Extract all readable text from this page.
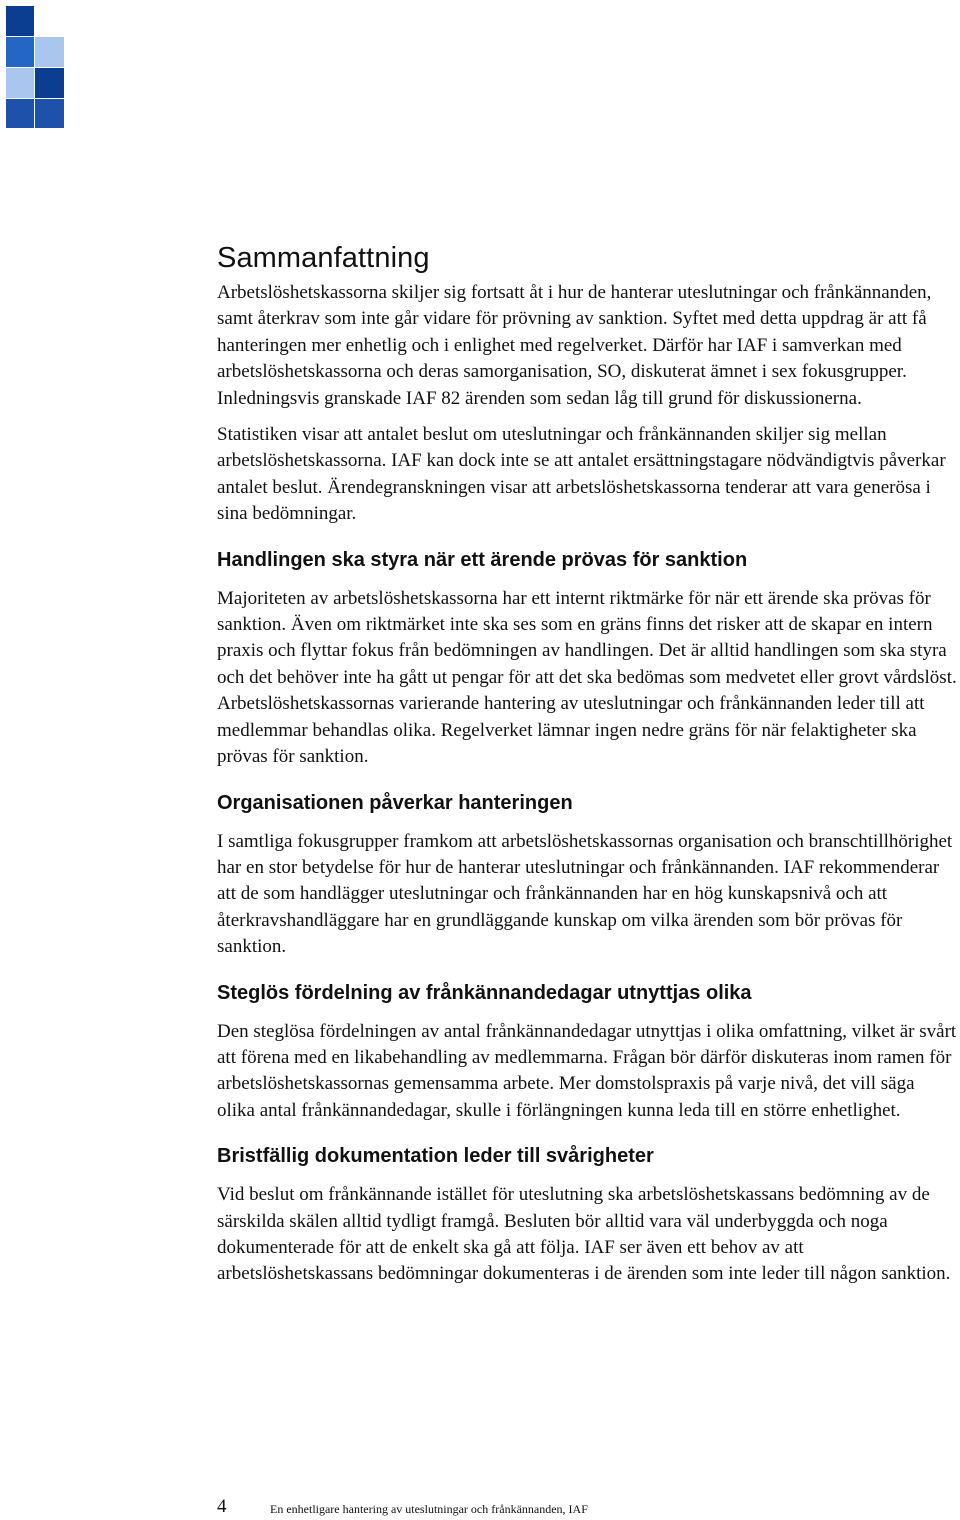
Sammanfattning

Arbetslöshetskassorna skiljer sig fortsatt åt i hur de hanterar uteslutningar och frånkännanden, samt återkrav som inte går vidare för prövning av sanktion. Syftet med detta uppdrag är att få hanteringen mer enhetlig och i enlighet med regelverket. Därför har IAF i samverkan med arbetslöshetskassorna och deras samorganisation, SO, diskuterat ämnet i sex fokusgrupper. Inledningsvis granskade IAF 82 ärenden som sedan låg till grund för diskussionerna.

Statistiken visar att antalet beslut om uteslutningar och frånkännanden skiljer sig mellan arbetslöshetskassorna. IAF kan dock inte se att antalet ersättningstagare nödvändigtvis påverkar antalet beslut. Ärendegranskningen visar att arbetslöshetskassorna tenderar att vara generösa i sina bedömningar.

Handlingen ska styra när ett ärende prövas för sanktion

Majoriteten av arbetslöshetskassorna har ett internt riktmärke för när ett ärende ska prövas för sanktion. Även om riktmärket inte ska ses som en gräns finns det risker att de skapar en intern praxis och flyttar fokus från bedömningen av handlingen. Det är alltid handlingen som ska styra och det behöver inte ha gått ut pengar för att det ska bedömas som medvetet eller grovt vårdslöst. Arbetslöshetskassornas varierande hantering av uteslutningar och frånkännanden leder till att medlemmar behandlas olika. Regelverket lämnar ingen nedre gräns för när felaktigheter ska prövas för sanktion.

Organisationen påverkar hanteringen

I samtliga fokusgrupper framkom att arbetslöshetskassornas organisation och branschtillhörighet har en stor betydelse för hur de hanterar uteslutningar och frånkännanden. IAF rekommenderar att de som handlägger uteslutningar och frånkännanden har en hög kunskapsnivå och att återkravshandläggare har en grundläggande kunskap om vilka ärenden som bör prövas för sanktion.

Steglös fördelning av frånkännandedagar utnyttjas olika

Den steglösa fördelningen av antal frånkännandedagar utnyttjas i olika omfattning, vilket är svårt att förena med en likabehandling av medlemmarna. Frågan bör därför diskuteras inom ramen för arbetslöshetskassornas gemensamma arbete. Mer domstolspraxis på varje nivå, det vill säga olika antal frånkännandedagar, skulle i förlängningen kunna leda till en större enhetlighet.

Bristfällig dokumentation leder till svårigheter

Vid beslut om frånkännande istället för uteslutning ska arbetslöshetskassans bedömning av de särskilda skälen alltid tydligt framgå. Besluten bör alltid vara väl underbyggda och noga dokumenterade för att de enkelt ska gå att följa. IAF ser även ett behov av att arbetslöshetskassans bedömningar dokumenteras i de ärenden som inte leder till någon sanktion.

4	En enhetligare hantering av uteslutningar och frånkännanden, IAF
